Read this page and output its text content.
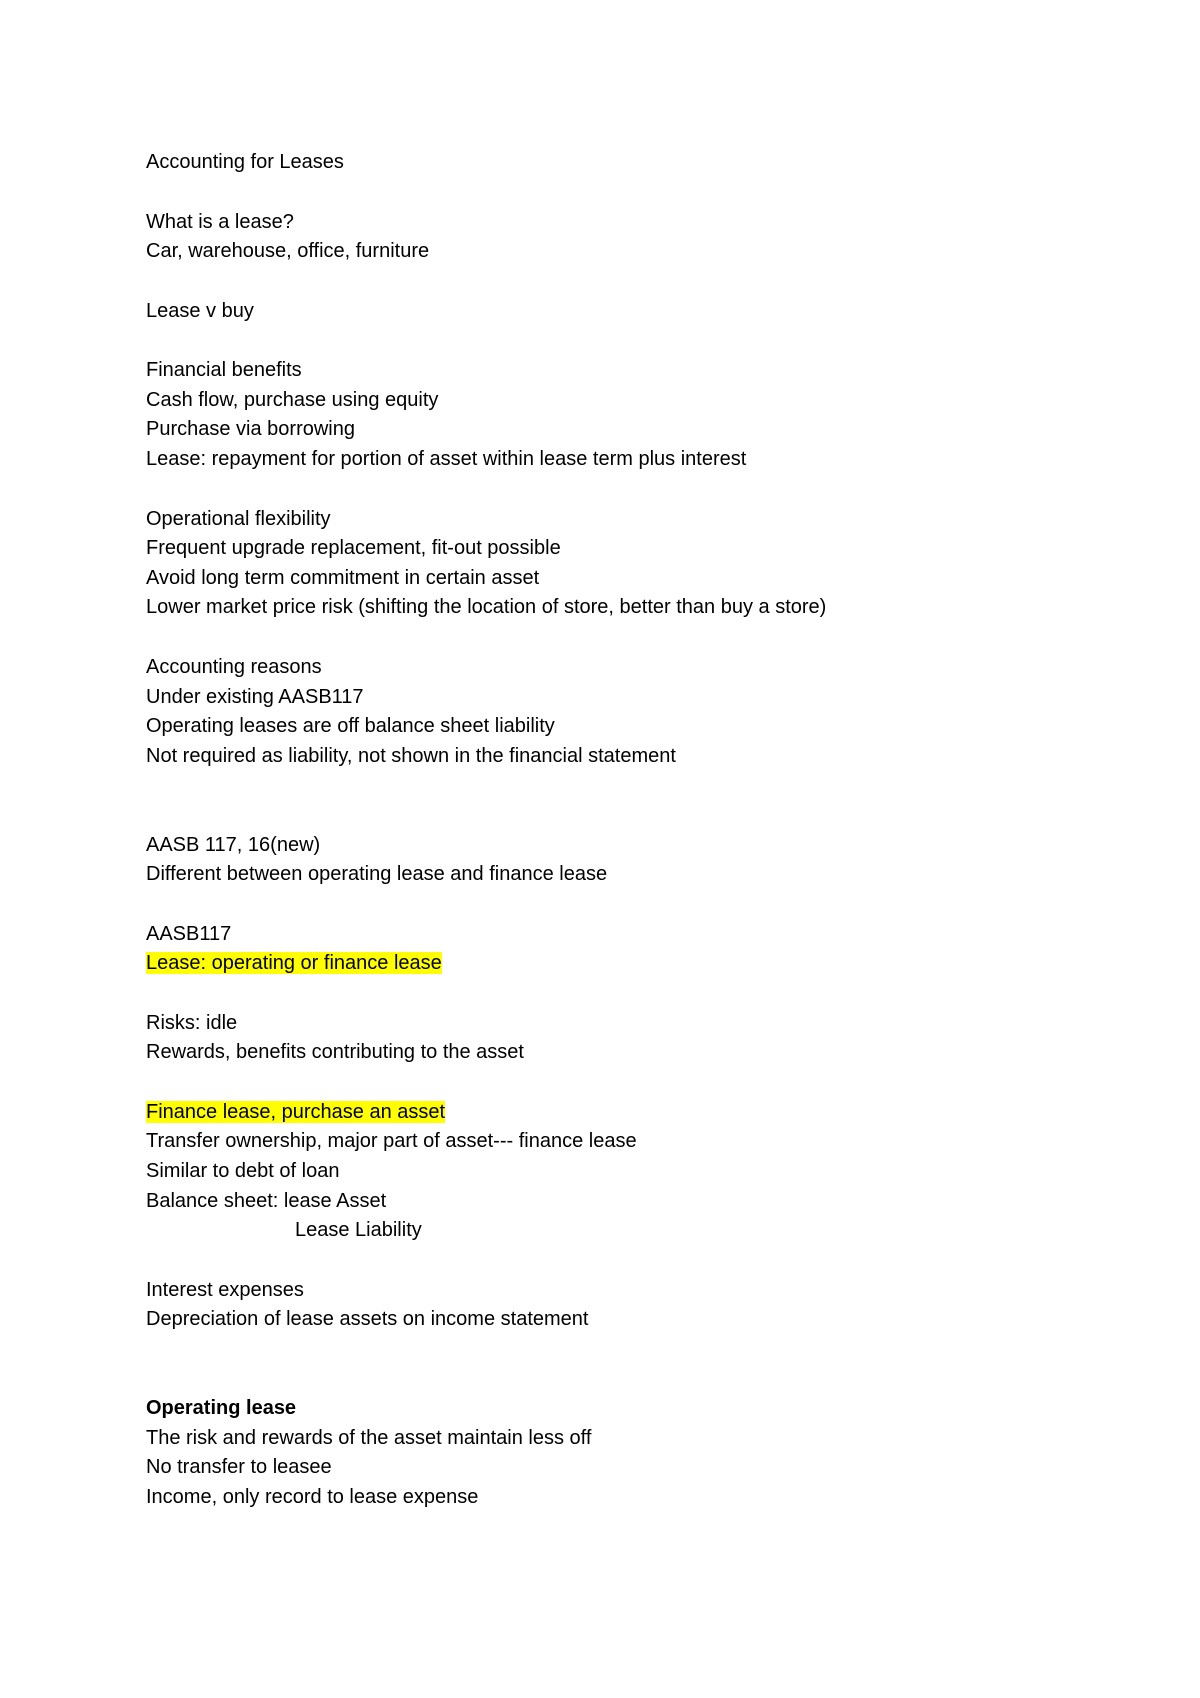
Accounting for Leases
What is a lease?
Car, warehouse, office, furniture
Lease v buy
Financial benefits
Cash flow, purchase using equity
Purchase via borrowing
Lease: repayment for portion of asset within lease term plus interest
Operational flexibility
Frequent upgrade replacement, fit-out possible
Avoid long term commitment in certain asset
Lower market price risk (shifting the location of store, better than buy a store)
Accounting reasons
Under existing AASB117
Operating leases are off balance sheet liability
Not required as liability, not shown in the financial statement
AASB 117, 16(new)
Different between operating lease and finance lease
AASB117
Lease: operating or finance lease
Risks: idle
Rewards, benefits contributing to the asset
Finance lease, purchase an asset
Transfer ownership, major part of asset--- finance lease
Similar to debt of loan
Balance sheet: lease Asset
Lease Liability
Interest expenses
Depreciation of lease assets on income statement
Operating lease
The risk and rewards of the asset maintain less off
No transfer to leasee
Income, only record to lease expense
